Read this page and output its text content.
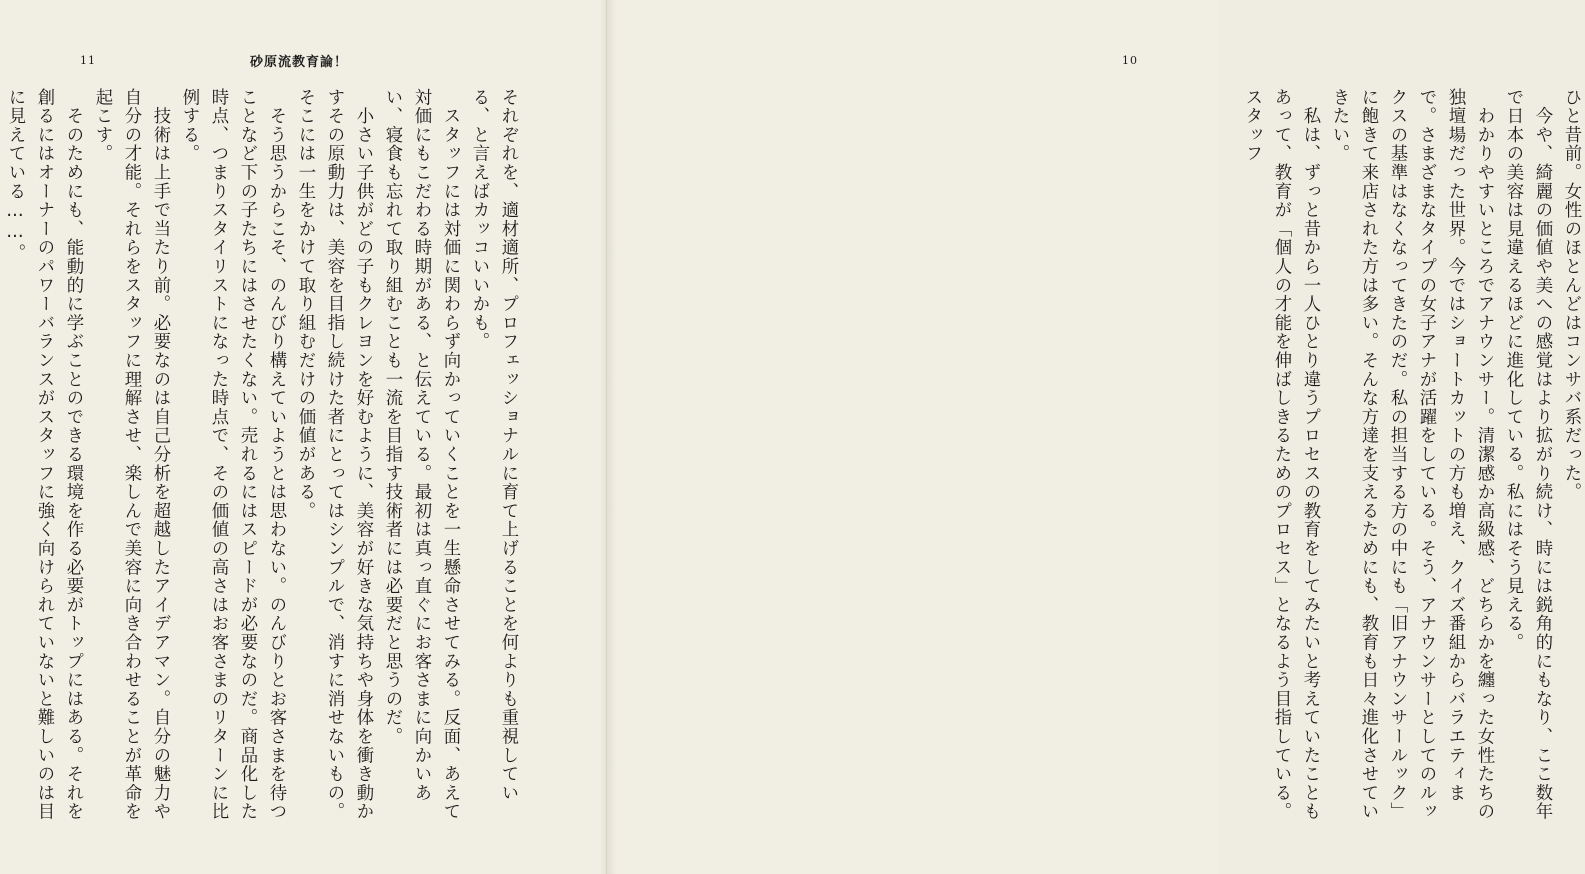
11	砂原流教育論！

それぞれを、適材適所、プロフェッショナルに育て上げることを何よりも重視している、と言えばカッコいいかも。

　スタッフには対価に関わらず向かっていくことを一生懸命させてみる。反面、あえて対価にもこだわる時期がある、と伝えている。最初は真っ直ぐにお客さまに向かいあい、寝食も忘れて取り組むことも一流を目指す技術者には必要だと思うのだ。

　小さい子供がどの子もクレヨンを好むように、美容が好きな気持ちや身体を衝き動かすその原動力は、美容を目指し続けた者にとってはシンプルで、消すに消せないもの。そこには一生をかけて取り組むだけの価値がある。

　そう思うからこそ、のんびり構えていようとは思わない。のんびりとお客さまを待つことなど下の子たちにはさせたくない。売れるにはスピードが必要なのだ。商品化した時点、つまりスタイリストになった時点で、その価値の高さはお客さまのリターンに比例する。

　技術は上手で当たり前。必要なのは自己分析を超越したアイデアマン。自分の魅力や自分の才能。それらをスタッフに理解させ、楽しんで美容に向き合わせることが革命を起こす。

　そのためにも、能動的に学ぶことのできる環境を作る必要がトップにはある。それを創るにはオーナーのパワーバランスがスタッフに強く向けられていないと難しいのは目に見えている……。	ひと昔前。女性のほとんどはコンサバ系だった。

　今や、綺麗の価値や美への感覚はより拡がり続け、時には鋭角的にもなり、ここ数年で日本の美容は見違えるほどに進化している。私にはそう見える。

　わかりやすいところでアナウンサー。清潔感か高級感、どちらかを纏った女性たちの独壇場だった世界。今ではショートカットの方も増え、クイズ番組からバラエティまで。さまざまなタイプの女子アナが活躍をしている。そう、アナウンサーとしてのルックスの基準はなくなってきたのだ。私の担当する方の中にも「旧アナウンサールック」に飽きて来店された方は多い。そんな方達を支えるためにも、教育も日々進化させていきたい。

　私は、ずっと昔から一人ひとり違うプロセスの教育をしてみたいと考えていたこともあって、教育が「個人の才能を伸ばしきるためのプロセス」となるよう目指している。スタッフ

10
